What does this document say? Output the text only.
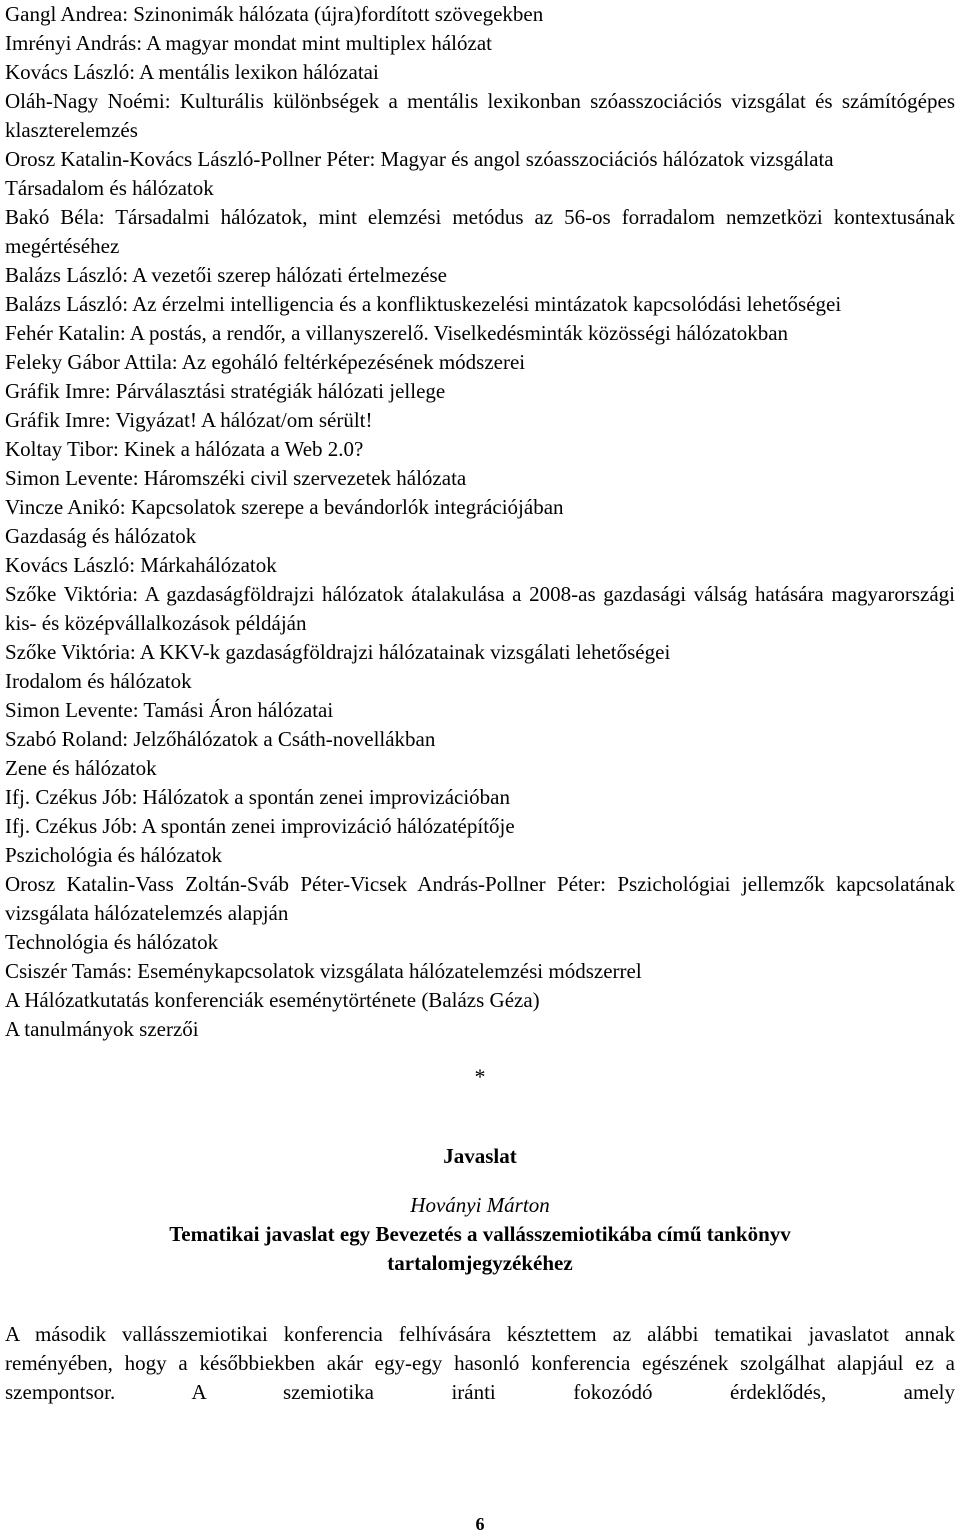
Gangl Andrea: Szinonimák hálózata (újra)fordított szövegekben
Imrényi András: A magyar mondat mint multiplex hálózat
Kovács László: A mentális lexikon hálózatai
Oláh-Nagy Noémi: Kulturális különbségek a mentális lexikonban szóasszociációs vizsgálat és számítógépes klaszterelemzés
Orosz Katalin-Kovács László-Pollner Péter: Magyar és angol szóasszociációs hálózatok vizsgálata
Társadalom és hálózatok
Bakó Béla: Társadalmi hálózatok, mint elemzési metódus az 56-os forradalom nemzetközi kontextusának megértéséhez
Balázs László: A vezetői szerep hálózati értelmezése
Balázs László: Az érzelmi intelligencia és a konfliktuskezelési mintázatok kapcsolódási lehetőségei
Fehér Katalin: A postás, a rendőr, a villanyszerelő. Viselkedésminták közösségi hálózatokban
Feleky Gábor Attila: Az egoháló feltérképezésének módszerei
Gráfik Imre: Párválasztási stratégiák hálózati jellege
Gráfik Imre: Vigyázat! A hálózat/om sérült!
Koltay Tibor: Kinek a hálózata a Web 2.0?
Simon Levente: Háromszéki civil szervezetek hálózata
Vincze Anikó: Kapcsolatok szerepe a bevándorlók integrációjában
Gazdaság és hálózatok
Kovács László: Márkahálózatok
Szőke Viktória: A gazdaságföldrajzi hálózatok átalakulása a 2008-as gazdasági válság hatására magyarországi kis- és középvállalkozások példáján
Szőke Viktória: A KKV-k gazdaságföldrajzi hálózatainak vizsgálati lehetőségei
Irodalom és hálózatok
Simon Levente: Tamási Áron hálózatai
Szabó Roland: Jelzőhálózatok a Csáth-novellákban
Zene és hálózatok
Ifj. Czékus Jób: Hálózatok a spontán zenei improvizációban
Ifj. Czékus Jób: A spontán zenei improvizáció hálózatépítője
Pszichológia és hálózatok
Orosz Katalin-Vass Zoltán-Sváb Péter-Vicsek András-Pollner Péter: Pszichológiai jellemzők kapcsolatának vizsgálata hálózatelemzés alapján
Technológia és hálózatok
Csiszér Tamás: Eseménykapcsolatok vizsgálata hálózatelemzési módszerrel
A Hálózatkutatás konferenciák eseménytörténete (Balázs Géza)
A tanulmányok szerzői
*
Javaslat
Hoványi Márton
Tematikai javaslat egy Bevezetés a vallásszemiotikába című tankönyv
tartalomjegyzékéhez
A második vallásszemiotikai konferencia felhívására késztettem az alábbi tematikai javaslatot annak reményében, hogy a későbbiekben akár egy-egy hasonló konferencia egészének szolgálhat alapjául ez a szempontsor. A szemiotika iránti fokozódó érdeklődés, amely
6
